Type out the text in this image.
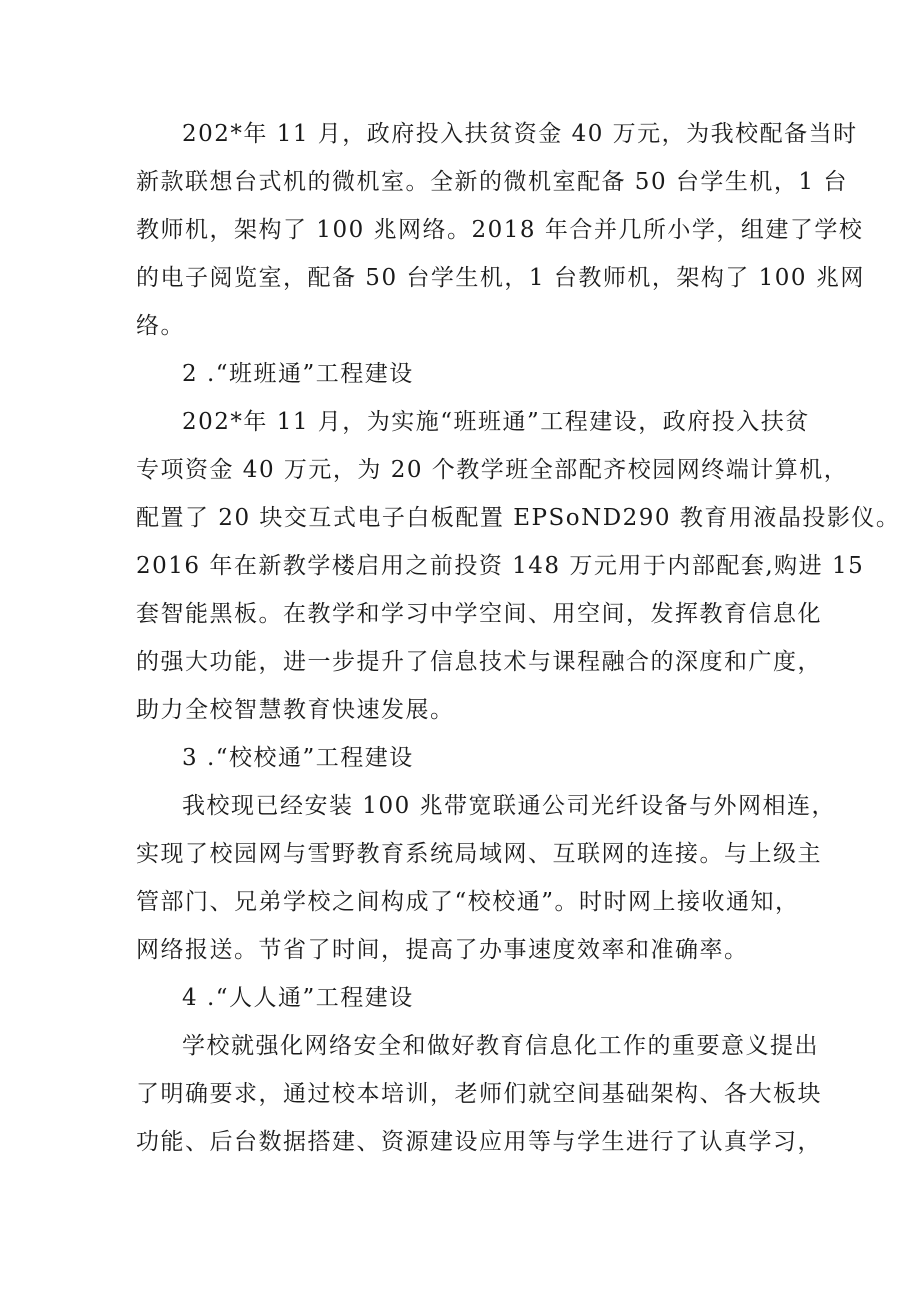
202*年 11 月，政府投入扶贫资金 40 万元，为我校配备当时
新款联想台式机的微机室。全新的微机室配备 50 台学生机，1 台
教师机，架构了 100 兆网络。2018 年合并几所小学，组建了学校
的电子阅览室，配备 50 台学生机，1 台教师机，架构了 100 兆网
络。
2 .“班班通”工程建设
202*年 11 月，为实施“班班通”工程建设，政府投入扶贫
专项资金 40 万元，为 20 个教学班全部配齐校园网终端计算机，
配置了 20 块交互式电子白板配置 EPSoND290 教育用液晶投影仪。
2016 年在新教学楼启用之前投资 148 万元用于内部配套,购进 15
套智能黑板。在教学和学习中学空间、用空间，发挥教育信息化
的强大功能，进一步提升了信息技术与课程融合的深度和广度，
助力全校智慧教育快速发展。
3 .“校校通”工程建设
我校现已经安装 100 兆带宽联通公司光纤设备与外网相连，
实现了校园网与雪野教育系统局域网、互联网的连接。与上级主
管部门、兄弟学校之间构成了“校校通”。时时网上接收通知，
网络报送。节省了时间，提高了办事速度效率和准确率。
4 .“人人通”工程建设
学校就强化网络安全和做好教育信息化工作的重要意义提出
了明确要求，通过校本培训，老师们就空间基础架构、各大板块
功能、后台数据搭建、资源建设应用等与学生进行了认真学习，
